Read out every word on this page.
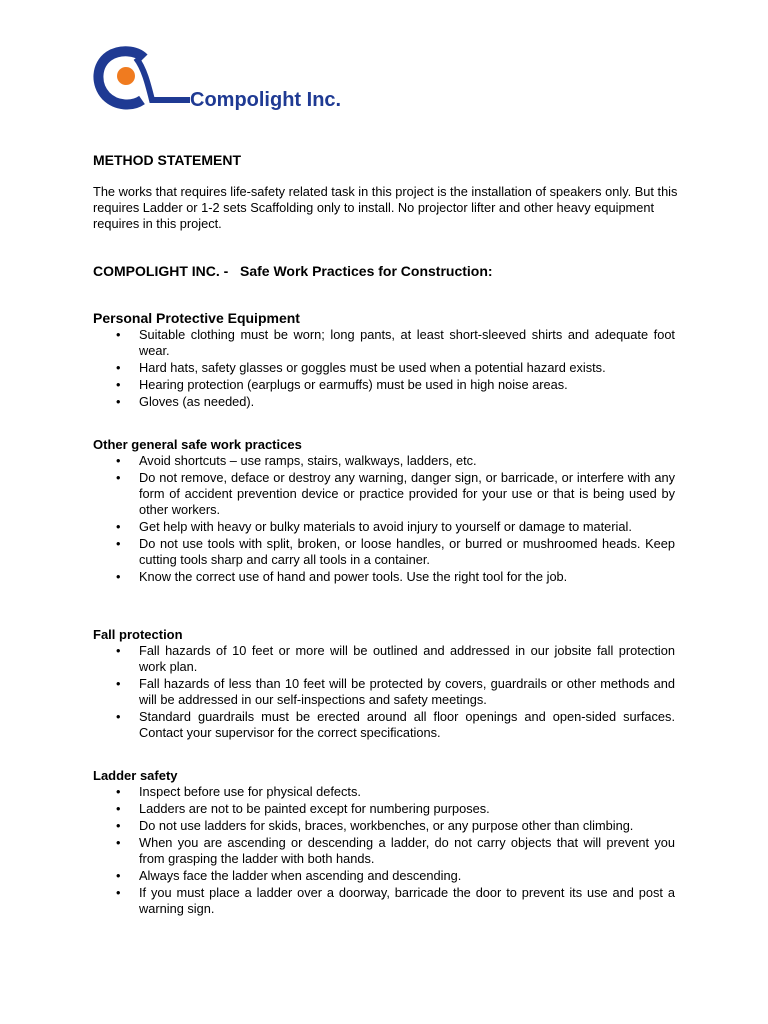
Compolight Inc.
METHOD STATEMENT

The works that requires life-safety related task in this project is the installation of speakers only. But this requires Ladder or 1-2 sets Scaffolding only to install. No projector lifter and other heavy equipment requires in this project.

COMPOLIGHT INC. -   Safe Work Practices for Construction:
Personal Protective Equipment
• Suitable clothing must be worn; long pants, at least short-sleeved shirts and adequate foot wear.
• Hard hats, safety glasses or goggles must be used when a potential hazard exists.
• Hearing protection (earplugs or earmuffs) must be used in high noise areas.
• Gloves (as needed).
Other general safe work practices
• Avoid shortcuts – use ramps, stairs, walkways, ladders, etc.
• Do not remove, deface or destroy any warning, danger sign, or barricade, or interfere with any form of accident prevention device or practice provided for your use or that is being used by other workers.
• Get help with heavy or bulky materials to avoid injury to yourself or damage to material.
• Do not use tools with split, broken, or loose handles, or burred or mushroomed heads. Keep cutting tools sharp and carry all tools in a container.
• Know the correct use of hand and power tools. Use the right tool for the job.
Fall protection
• Fall hazards of 10 feet or more will be outlined and addressed in our jobsite fall protection work plan.
• Fall hazards of less than 10 feet will be protected by covers, guardrails or other methods and will be addressed in our self-inspections and safety meetings.
• Standard guardrails must be erected around all floor openings and open-sided surfaces. Contact your supervisor for the correct specifications.
Ladder safety
• Inspect before use for physical defects.
• Ladders are not to be painted except for numbering purposes.
• Do not use ladders for skids, braces, workbenches, or any purpose other than climbing.
• When you are ascending or descending a ladder, do not carry objects that will prevent you from grasping the ladder with both hands.
• Always face the ladder when ascending and descending.
• If you must place a ladder over a doorway, barricade the door to prevent its use and post a warning sign.
